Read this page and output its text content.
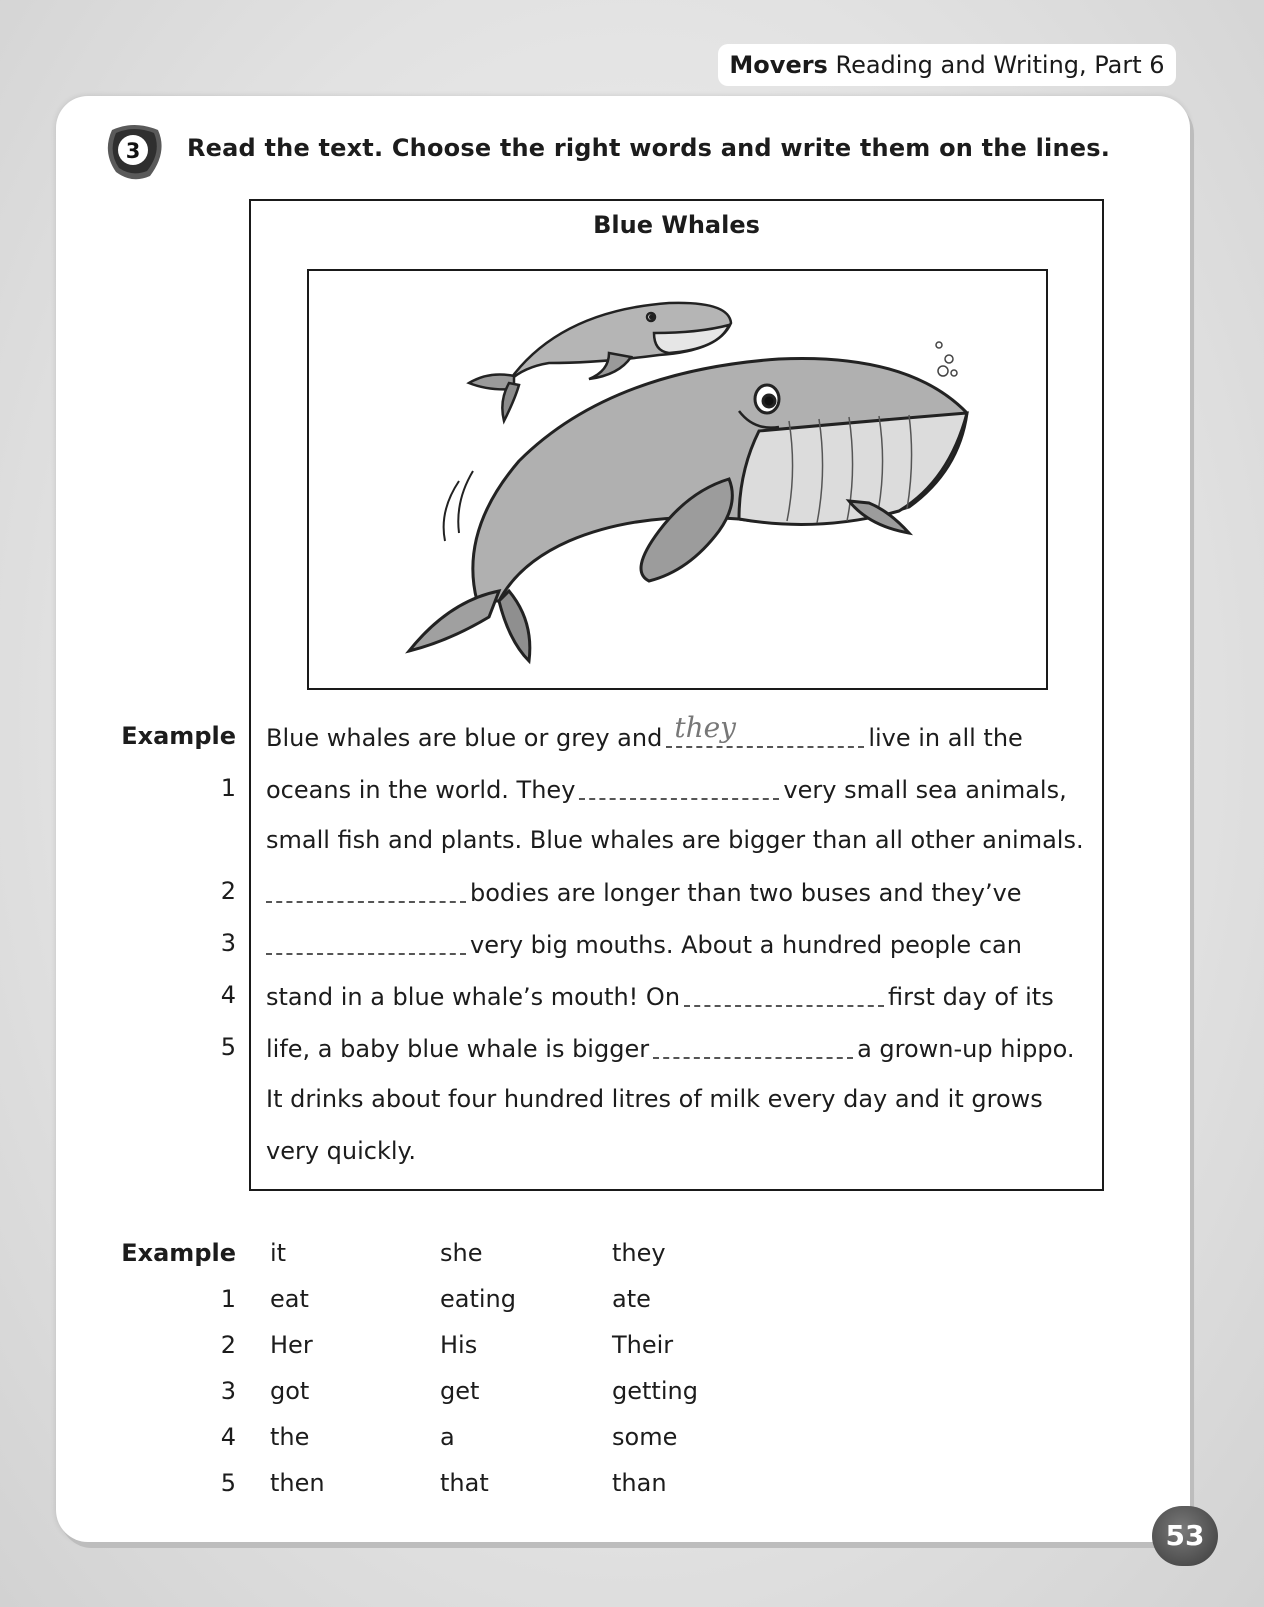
Movers Reading and Writing, Part 6
3 Read the text. Choose the right words and write them on the lines.
Blue Whales
Example Blue whales are blue or grey and they	live in all the
1 oceans in the world. They	very small sea animals,
small fish and plants. Blue whales are bigger than all other animals.
2	bodies are longer than two buses and they’ve
3	very big mouths. About a hundred people can
4 stand in a blue whale’s mouth! On	first day of its
5 life, a baby blue whale is bigger	a grown-up hippo.
It drinks about four hundred litres of milk every day and it grows
very quickly.
Example it	she	they
1 eat	eating	ate
2 Her	His	Their
3 got	get	getting
4 the	a	some
5 then	that	than
53
